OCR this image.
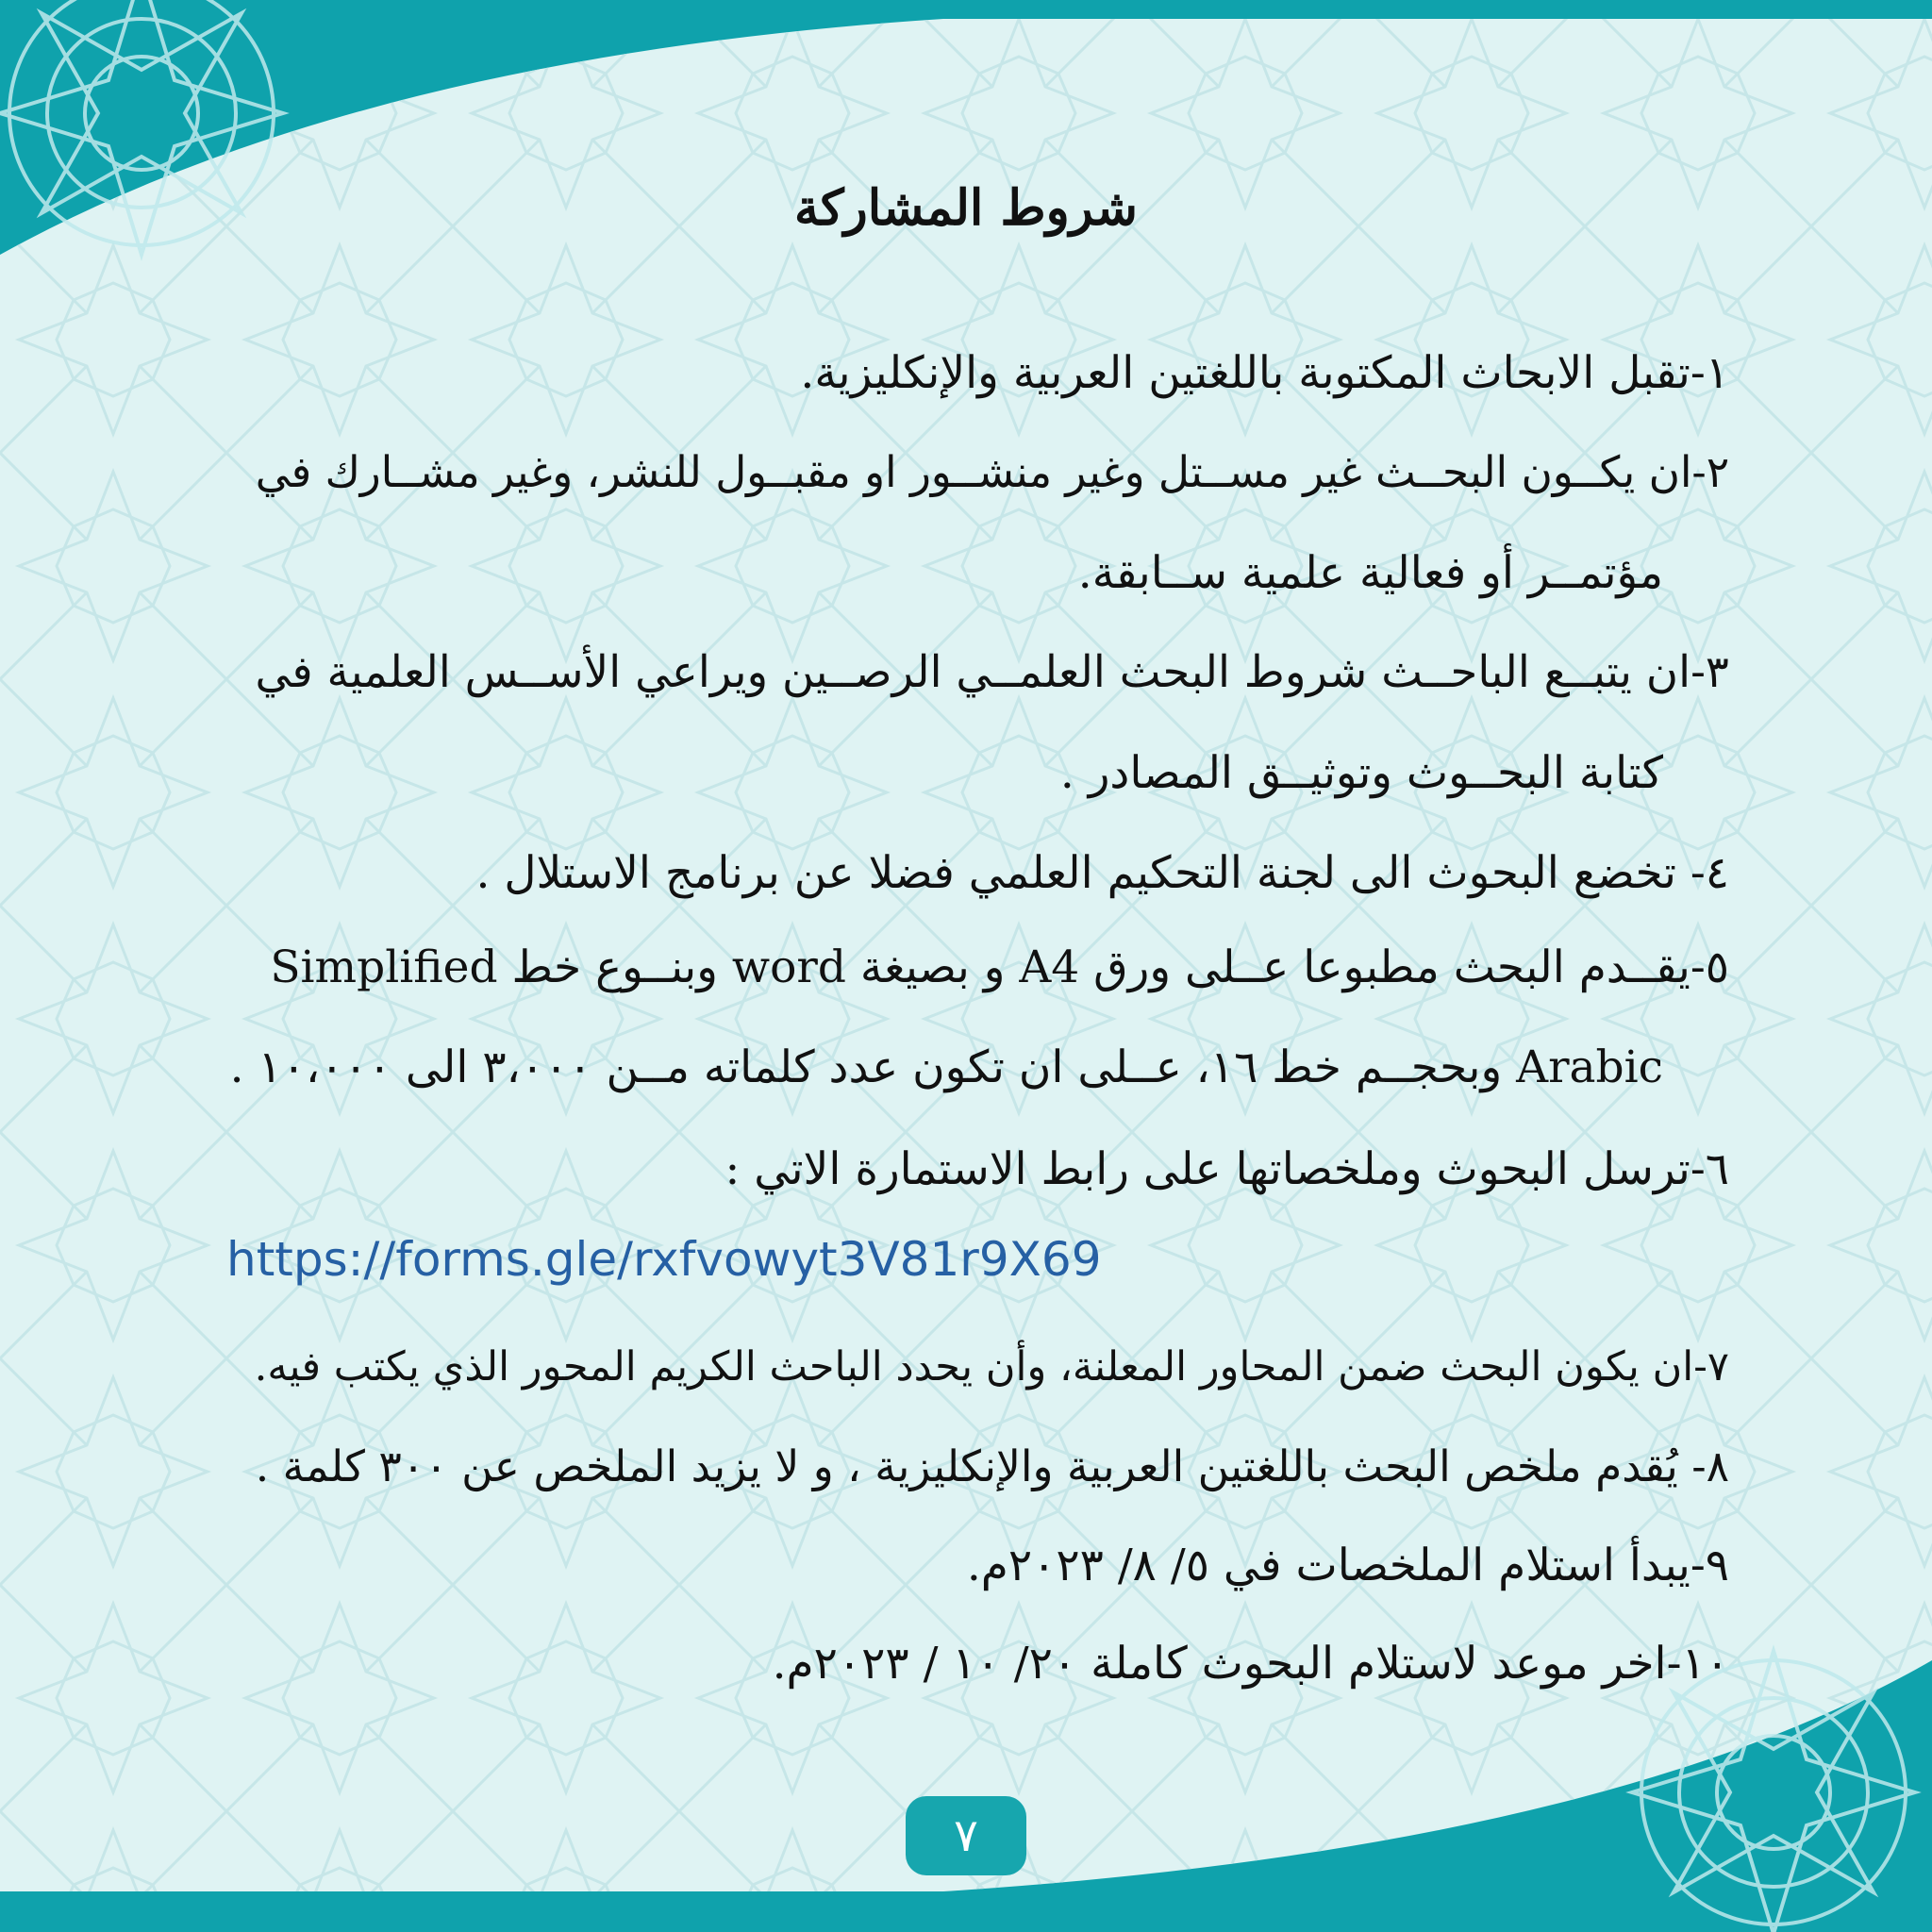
شروط المشاركة
١-تقبل الابحاث المكتوبة باللغتين العربية والإنكليزية.
٢-ان يكــون البحــث غير مســتل وغير منشــور او مقبــول للنشر، وغير مشــارك في
مؤتمــر أو فعالية علمية ســابقة.
٣-ان يتبــع الباحــث شروط البحث العلمــي الرصــين ويراعي الأســس العلمية في
كتابة البحــوث وتوثيــق المصادر .
٤- تخضع البحوث الى لجنة التحكيم العلمي فضلا عن برنامج الاستلال .
٥-يقــدم البحث مطبوعا عــلى ورق A4 و بصيغة word وبنــوع خط Simplified
Arabic وبحجــم خط ١٦، عــلى ان تكون عدد كلماته مــن ٣،٠٠٠ الى ١٠،٠٠٠ .
٦-ترسل البحوث وملخصاتها على رابط الاستمارة الاتي :
https://forms.gle/rxfvowyt3V81r9X69
٧-ان يكون البحث ضمن المحاور المعلنة، وأن يحدد الباحث الكريم المحور الذي يكتب فيه.
٨- يُقدم ملخص البحث باللغتين العربية والإنكليزية ، و لا يزيد الملخص عن ٣٠٠ كلمة .
٩-يبدأ استلام الملخصات في ٥/ ٨/ ٢٠٢٣م.
١٠-اخر موعد لاستلام البحوث كاملة ٢٠/ ١٠ / ٢٠٢٣م.
٧
